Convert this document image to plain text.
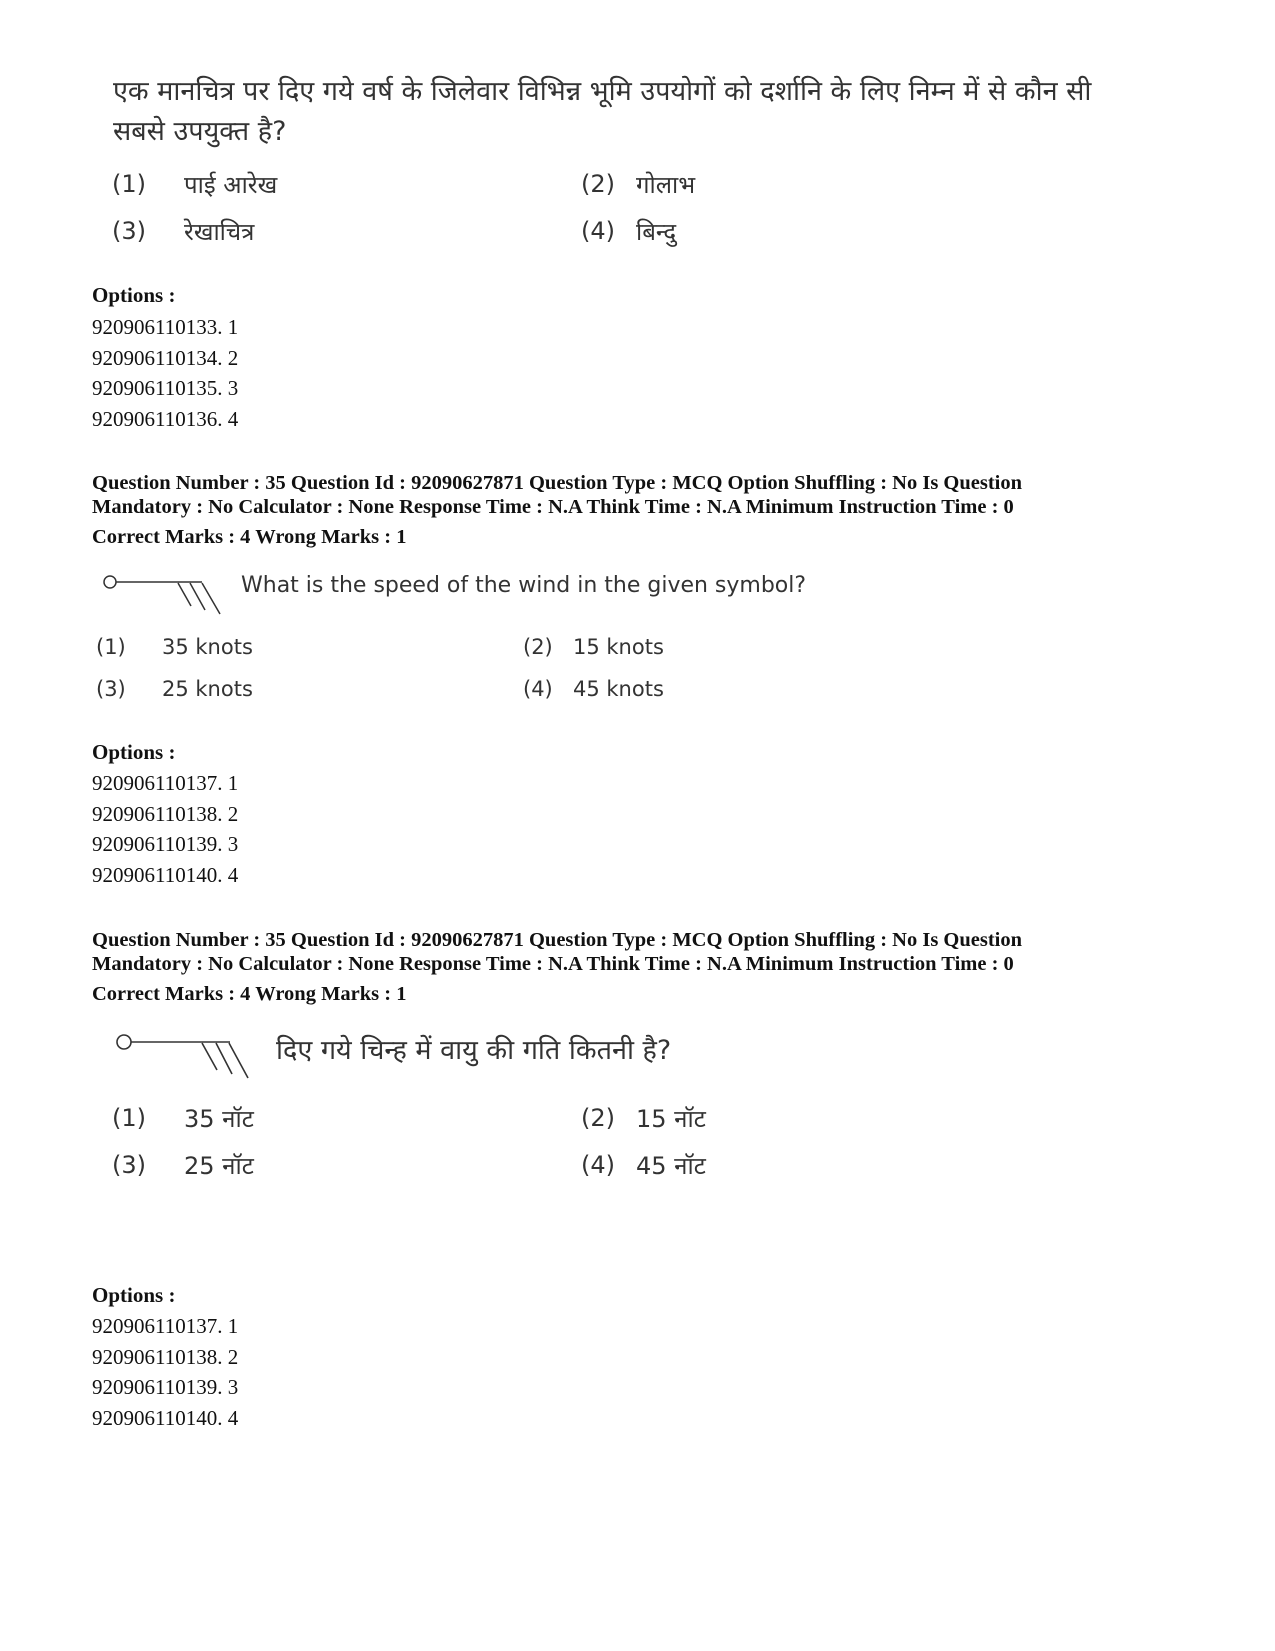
एक मानचित्र पर दिए गये वर्ष के जिलेवार विभिन्न भूमि उपयोगों को दर्शानि के लिए निम्न में से कौन सी सबसे उपयुक्त है?
(1) पाई आरेख	(2) गोलाभ
(3) रेखाचित्र	(4) बिन्दु
Options :
920906110133. 1
920906110134. 2
920906110135. 3
920906110136. 4
Question Number : 35 Question Id : 92090627871 Question Type : MCQ Option Shuffling : No Is Question
Mandatory : No Calculator : None Response Time : N.A Think Time : N.A Minimum Instruction Time : 0
Correct Marks : 4 Wrong Marks : 1
What is the speed of the wind in the given symbol?
(1) 35 knots	(2) 15 knots
(3) 25 knots	(4) 45 knots
Options :
920906110137. 1
920906110138. 2
920906110139. 3
920906110140. 4
Question Number : 35 Question Id : 92090627871 Question Type : MCQ Option Shuffling : No Is Question
Mandatory : No Calculator : None Response Time : N.A Think Time : N.A Minimum Instruction Time : 0
Correct Marks : 4 Wrong Marks : 1
दिए गये चिन्ह में वायु की गति कितनी है?
(1) 35 नॉट	(2) 15 नॉट
(3) 25 नॉट	(4) 45 नॉट
Options :
920906110137. 1
920906110138. 2
920906110139. 3
920906110140. 4
